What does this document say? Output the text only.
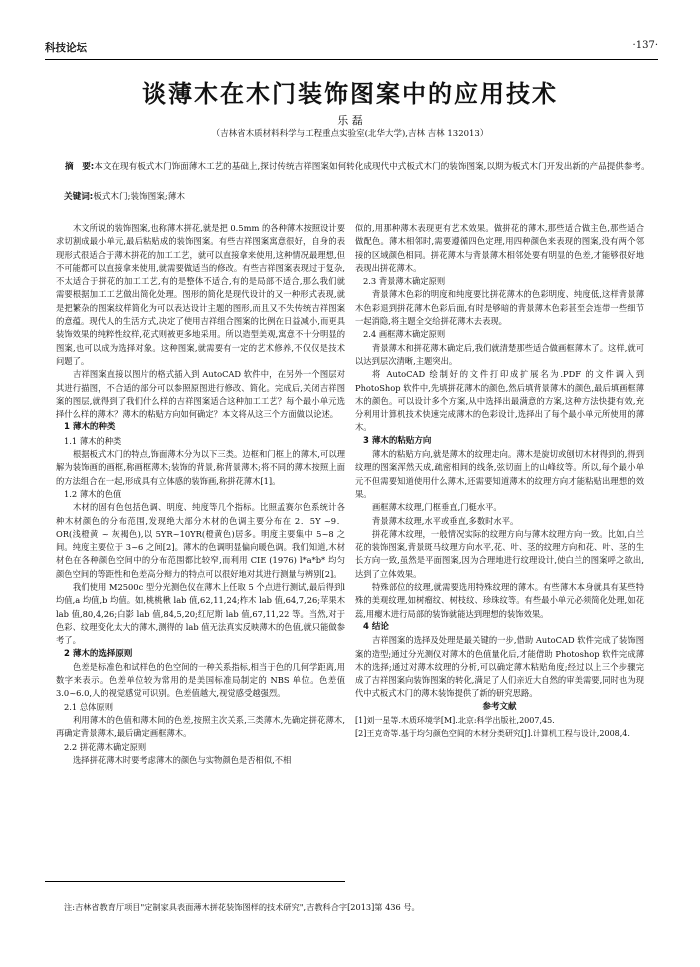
科技论坛	·137·
谈薄木在木门装饰图案中的应用技术
乐 磊
（吉林省木质材料科学与工程重点实验室(北华大学),吉林 吉林 132013）
摘　要:本文在现有板式木门饰面薄木工艺的基础上,探讨传统吉祥图案如何转化成现代中式板式木门的装饰图案,以期为板式木门开发出新的产品提供参考。
关键词:板式木门;装饰图案;薄木

木文所说的装饰图案,也称薄木拼花,就是把 0.5mm 的各种薄木按照设计要求切割成最小单元,最后粘贴成的装饰图案。有些吉祥图案寓意很好，自身的表现形式很适合于薄木拼花的加工工艺，就可以直接拿来使用,这种情况最理想,但不可能都可以直接拿来使用,就需要做适当的修改。有些吉祥图案表现过于复杂,不太适合于拼花的加工工艺,有的是整体不适合,有的是局部不适合,那么我们就需要根据加工工艺做出简化处理。图形的简化是现代设计的又一种形式表现,就是把繁杂的图案纹样简化为可以表达设计主题的图形,而且又不失传统吉祥图案的意蕴。现代人的生活方式,决定了使用吉祥组合图案的比例在日益减小,而更具装饰效果的纯粹性纹样,花式则被更多地采用。所以造型美观,寓意不十分明显的图案,也可以成为选择对象。这种图案,就需要有一定的艺术修养,不仅仅是技术问题了。

吉祥图案直接以图片的格式插入到 AutoCAD 软件中，在另外一个图层对其进行描图，不合适的部分可以参照原图进行修改、简化。完成后,关闭吉祥图案的图层,就得到了我们什么样的吉祥图案适合这种加工工艺？每个最小单元选择什么样的薄木？薄木的粘贴方向如何确定？本文将从这三个方面做以论述。

1 薄木的种类
1.1 薄木的种类

根据板式木门的特点,饰面薄木分为以下三类。边框和门框上的薄木,可以理解为装饰画的画框,称画框薄木;装饰的背景,称背景薄木;将不同的薄木按照上面的方法组合在一起,形成具有立体感的装饰画,称拼花薄木[1]。

1.2 薄木的色值

木材的固有色包括色调、明度、纯度等几个指标。比照孟赛尔色系统计各种木材颜色的分布范围,发现绝大部分木材的色调主要分布在 2．5Y ~9．OR(浅橙黄 ~ 灰褐色),以 5YR~10YR(橙黄色)居多。明度主要集中 5~8 之间。纯度主要位于 3~6 之间[2]。薄木的色调明显偏向暖色调。我们知道,木材材色在各种颜色空间中的分布范围都比较窄,而利用 CIE (1976) l*a*b* 均匀颜色空间的等距性和色差高分辩力的特点可以很好地对其进行测量与辨别[2]。

我们使用 M2500c 型分光测色仪在薄木上任取 5 个点进行测试,最后得到l 均值,a 均值,b 均值。如,桃桃楸 lab 值,62,11,24;柞木 lab 值,64,7,26;苹果木 lab 值,80,4,26;白影 lab 值,84,5,20;红尼斯 lab 值,67,11,22 等。当然,对于色彩、纹理变化太大的薄木,测得的 lab 值无法真实反映薄木的色值,就只能做参考了。

2 薄木的选择原则

色差是标准色和试样色的色空间的一种关系指标,相当于色的几何学距离,用数字来表示。色差单位较为常用的是美国标准局制定的 NBS 单位。色差值 3.0~6.0,人的视觉感觉可识别。色差值越大,视觉感受越强烈。

2.1 总体原则

利用薄木的色值和薄木间的色差,按照主次关系,三类薄木,先确定拼花薄木,再确定背景薄木,最后确定画框薄木。

2.2 拼花薄木确定原则

选择拼花薄木时要考虑薄木的颜色与实物颜色是否相似,不相

似的,用那种薄木表现更有艺术效果。做拼花的薄木,那些适合做主色,那些适合做配色。薄木相邻时,需要遵循四色定理,用四种颜色来表现的图案,没有两个邻接的区域颜色相同。拼花薄木与背景薄木相邻处要有明显的色差,才能够很好地表现出拼花薄木。

2.3 背景薄木确定原则

背景薄木色彩的明度和纯度要比拼花薄木的色彩明度、纯度低,这样背景薄木色彩退到拼花薄木色彩后面,有时是够暗的背景薄木色彩甚至会连带一些细节一起消隐,将主题全交给拼花薄木去表现。

2.4 画框薄木确定原则

背景薄木和拼花薄木确定后,我们就清楚那些适合做画框薄木了。这样,就可以达到层次清晰,主题突出。

将 AutoCAD 绘制好的文件打印成扩展名为.PDF 的文件调入到 PhotoShop 软件中,先填拼花薄木的颜色,然后填背景薄木的颜色,最后填画框薄木的颜色。可以设计多个方案,从中选择出最满意的方案,这种方法快捷有效,充分利用计算机技术快速完成薄木的色彩设计,选择出了每个最小单元所使用的薄木。

3 薄木的粘贴方向

薄木的粘贴方向,就是薄木的纹理走向。薄木是旋切或刨切木材得到的,得到纹理的图案浑然天成,疏密相间的线条,弦切面上的山峰纹等。所以,每个最小单元不但需要知道使用什么薄木,还需要知道薄木的纹理方向才能粘贴出理想的效果。

画框薄木纹理,门框垂直,门梃水平。

背景薄木纹理,水平或垂直,多数时水平。

拼花薄木纹理，一般情况实际的纹理方向与薄木纹理方向一致。比如,白兰花的装饰图案,背景斑马纹理方向水平,花、叶、茎的纹理方向和花、叶、茎的生长方向一致,虽然是平面图案,因为合理地进行纹理设计,使白兰的图案呼之欲出,达到了立体效果。

特殊部位的纹理,就需要选用特殊纹理的薄木。有些薄木本身就具有某些特殊的美观纹理,如树瘤纹、树枝纹、珍珠纹等。有些最小单元必须简化处理,如花蕊,用瘿木进行局部的装饰就能达到理想的装饰效果。

4 结论

吉祥图案的选择及处理是最关键的一步,借助 AutoCAD 软件完成了装饰图案的造型;通过分光测仪对薄木的色值量化后,才能借助 Photoshop 软件完成薄木的选择;通过对薄木纹理的分析,可以确定薄木粘贴角度;经过以上三个步骤完成了吉祥图案向装饰图案的转化,满足了人们亲近大自然的审美需要,同时也为现代中式板式木门的薄木装饰提供了新的研究思路。

参考文献

[1]刘一星等.木质环境学[M].北京:科学出版社,2007,45.

[2]王克奇等.基于均匀颜色空间的木材分类研究[J].计算机工程与设计,2008,4.

注:吉林省教育厅项目"定制家具表面薄木拼花装饰图样的技术研究",吉教科合字[2013]第 436 号。
